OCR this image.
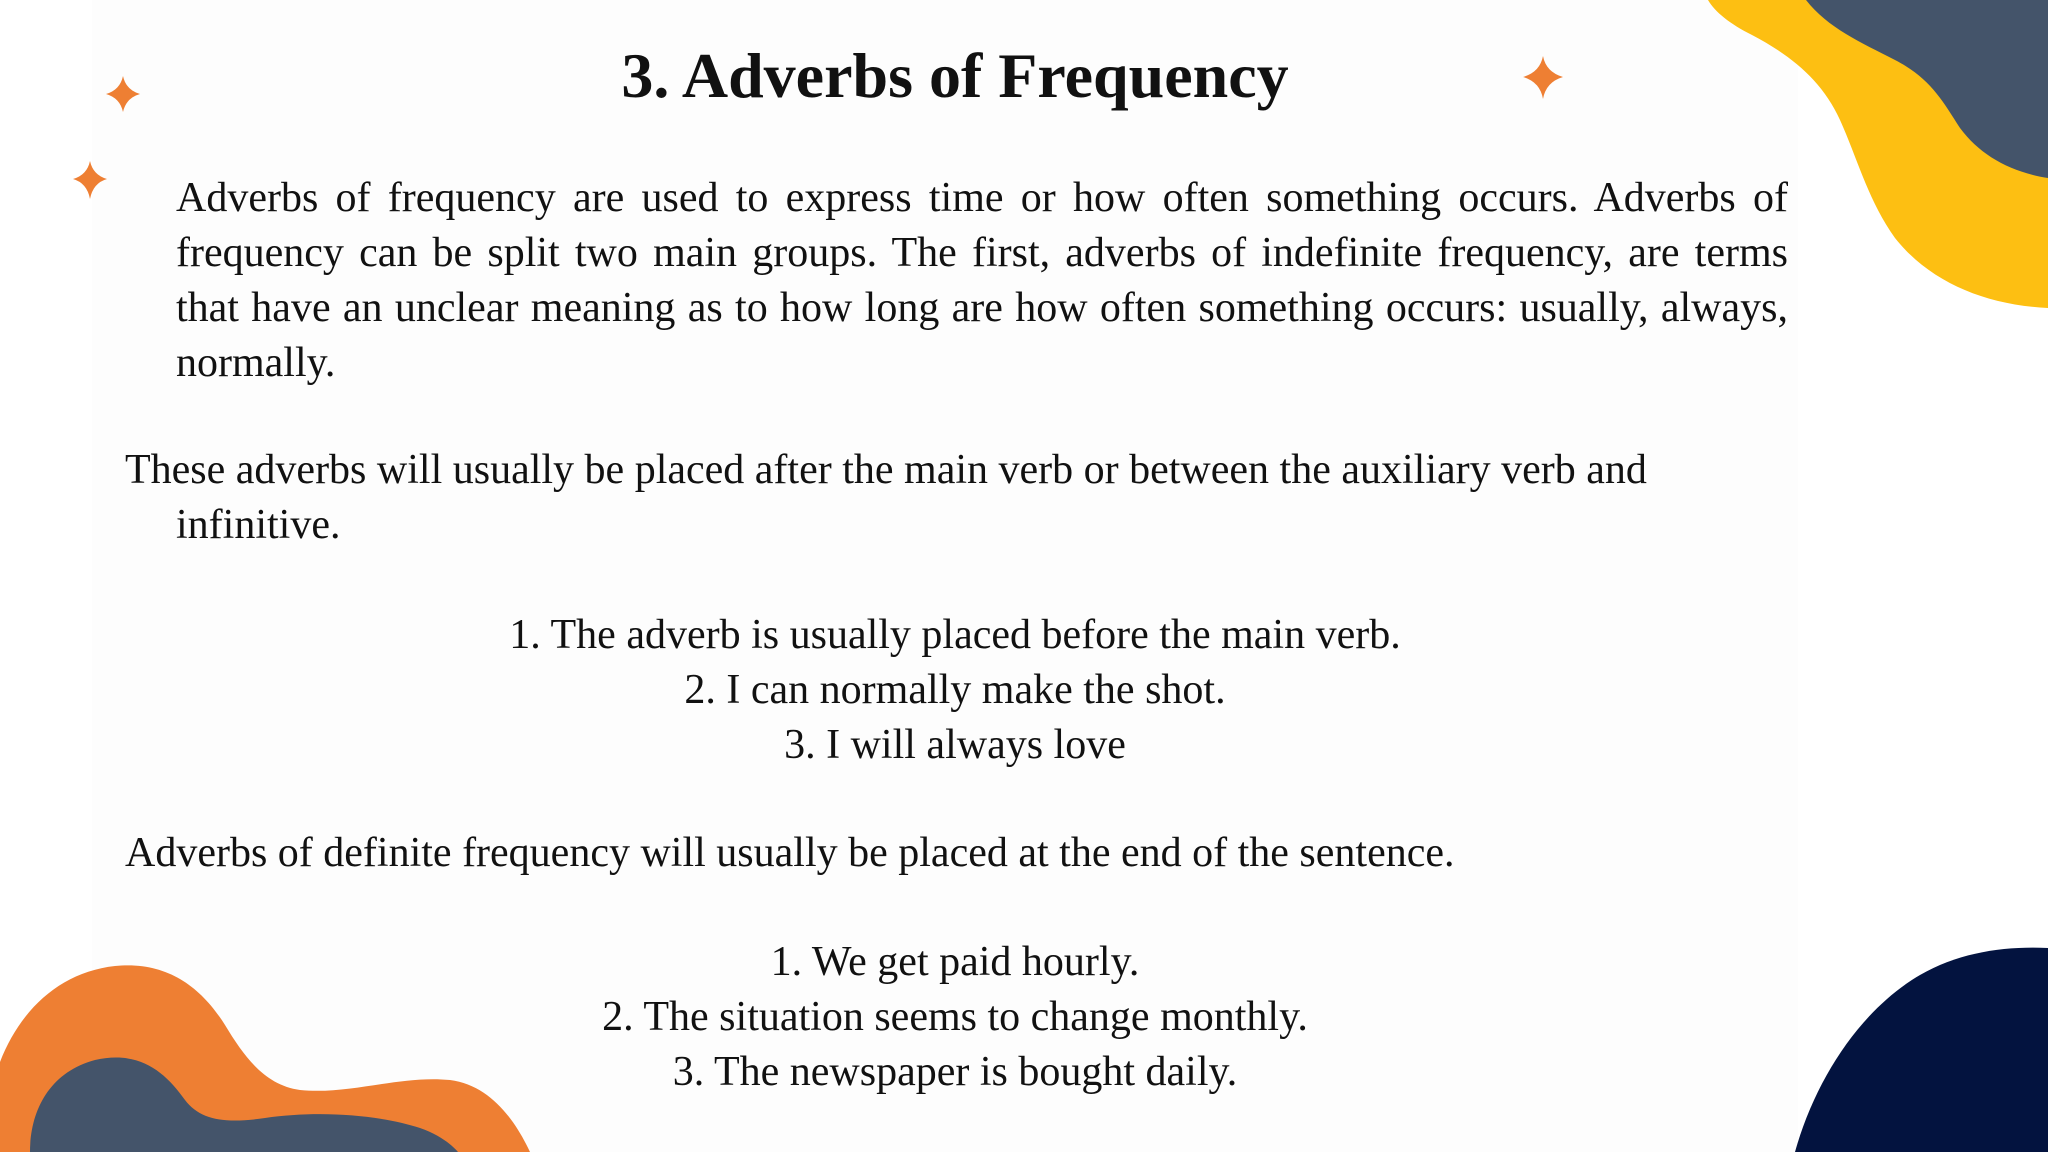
3. Adverbs of Frequency

Adverbs of frequency are used to express time or how often something occurs. Adverbs of frequency can be split two main groups. The first, adverbs of indefinite frequency, are terms that have an unclear meaning as to how long are how often something occurs: usually, always, normally.

These adverbs will usually be placed after the main verb or between the auxiliary verb and infinitive.

1. The adverb is usually placed before the main verb.
2. I can normally make the shot.
3. I will always love

Adverbs of definite frequency will usually be placed at the end of the sentence.

1. We get paid hourly.
2. The situation seems to change monthly.
3. The newspaper is bought daily.
